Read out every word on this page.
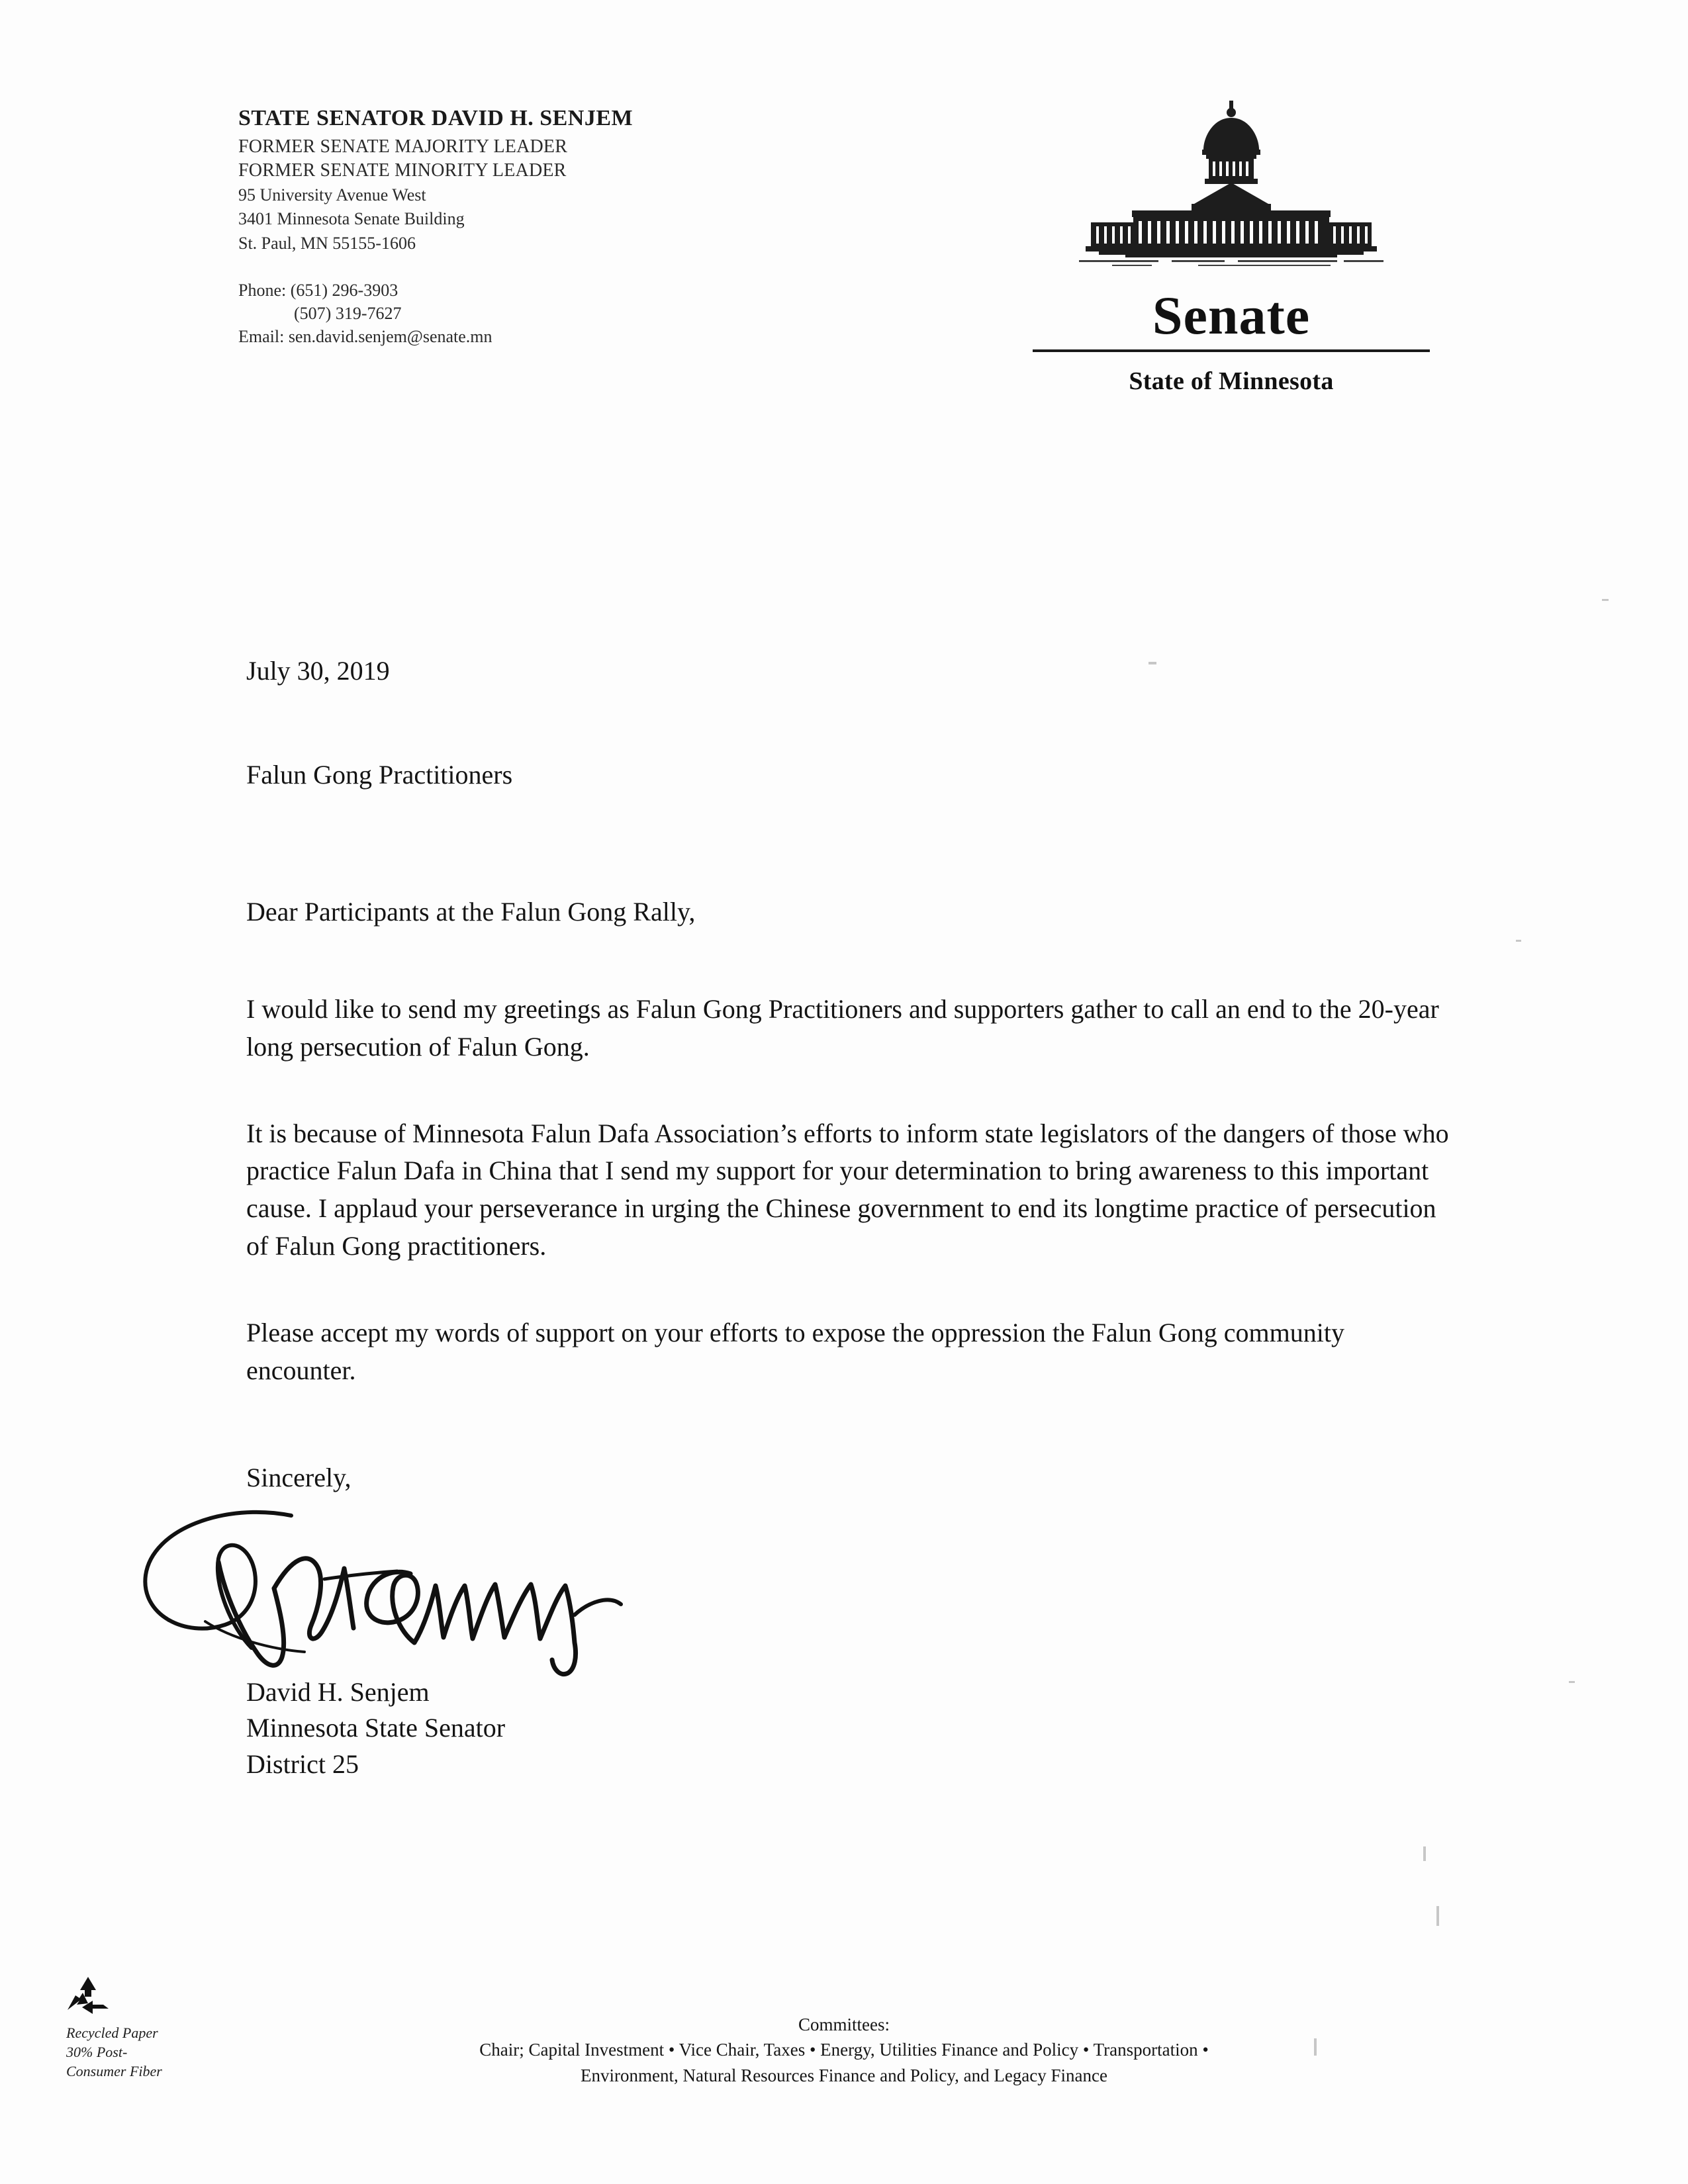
STATE SENATOR DAVID H. SENJEM
FORMER SENATE MAJORITY LEADER
FORMER SENATE MINORITY LEADER
95 University Avenue West
3401 Minnesota Senate Building
St. Paul, MN 55155-1606
Phone: (651) 296-3903
(507) 319-7627
Email: sen.david.senjem@senate.mn	Senate
State of Minnesota
July 30, 2019
Falun Gong Practitioners
Dear Participants at the Falun Gong Rally,

I would like to send my greetings as Falun Gong Practitioners and supporters gather to call an end to the 20-year long persecution of Falun Gong.

It is because of Minnesota Falun Dafa Association’s efforts to inform state legislators of the dangers of those who practice Falun Dafa in China that I send my support for your determination to bring awareness to this important cause. I applaud your perseverance in urging the Chinese government to end its longtime practice of persecution of Falun Gong practitioners.

Please accept my words of support on your efforts to expose the oppression the Falun Gong community encounter.

Sincerely,
David H. Senjem
Minnesota State Senator
District 25
Recycled Paper
30% Post-
Consumer Fiber
Committees:
Chair; Capital Investment • Vice Chair, Taxes • Energy, Utilities Finance and Policy • Transportation •
Environment, Natural Resources Finance and Policy, and Legacy Finance
